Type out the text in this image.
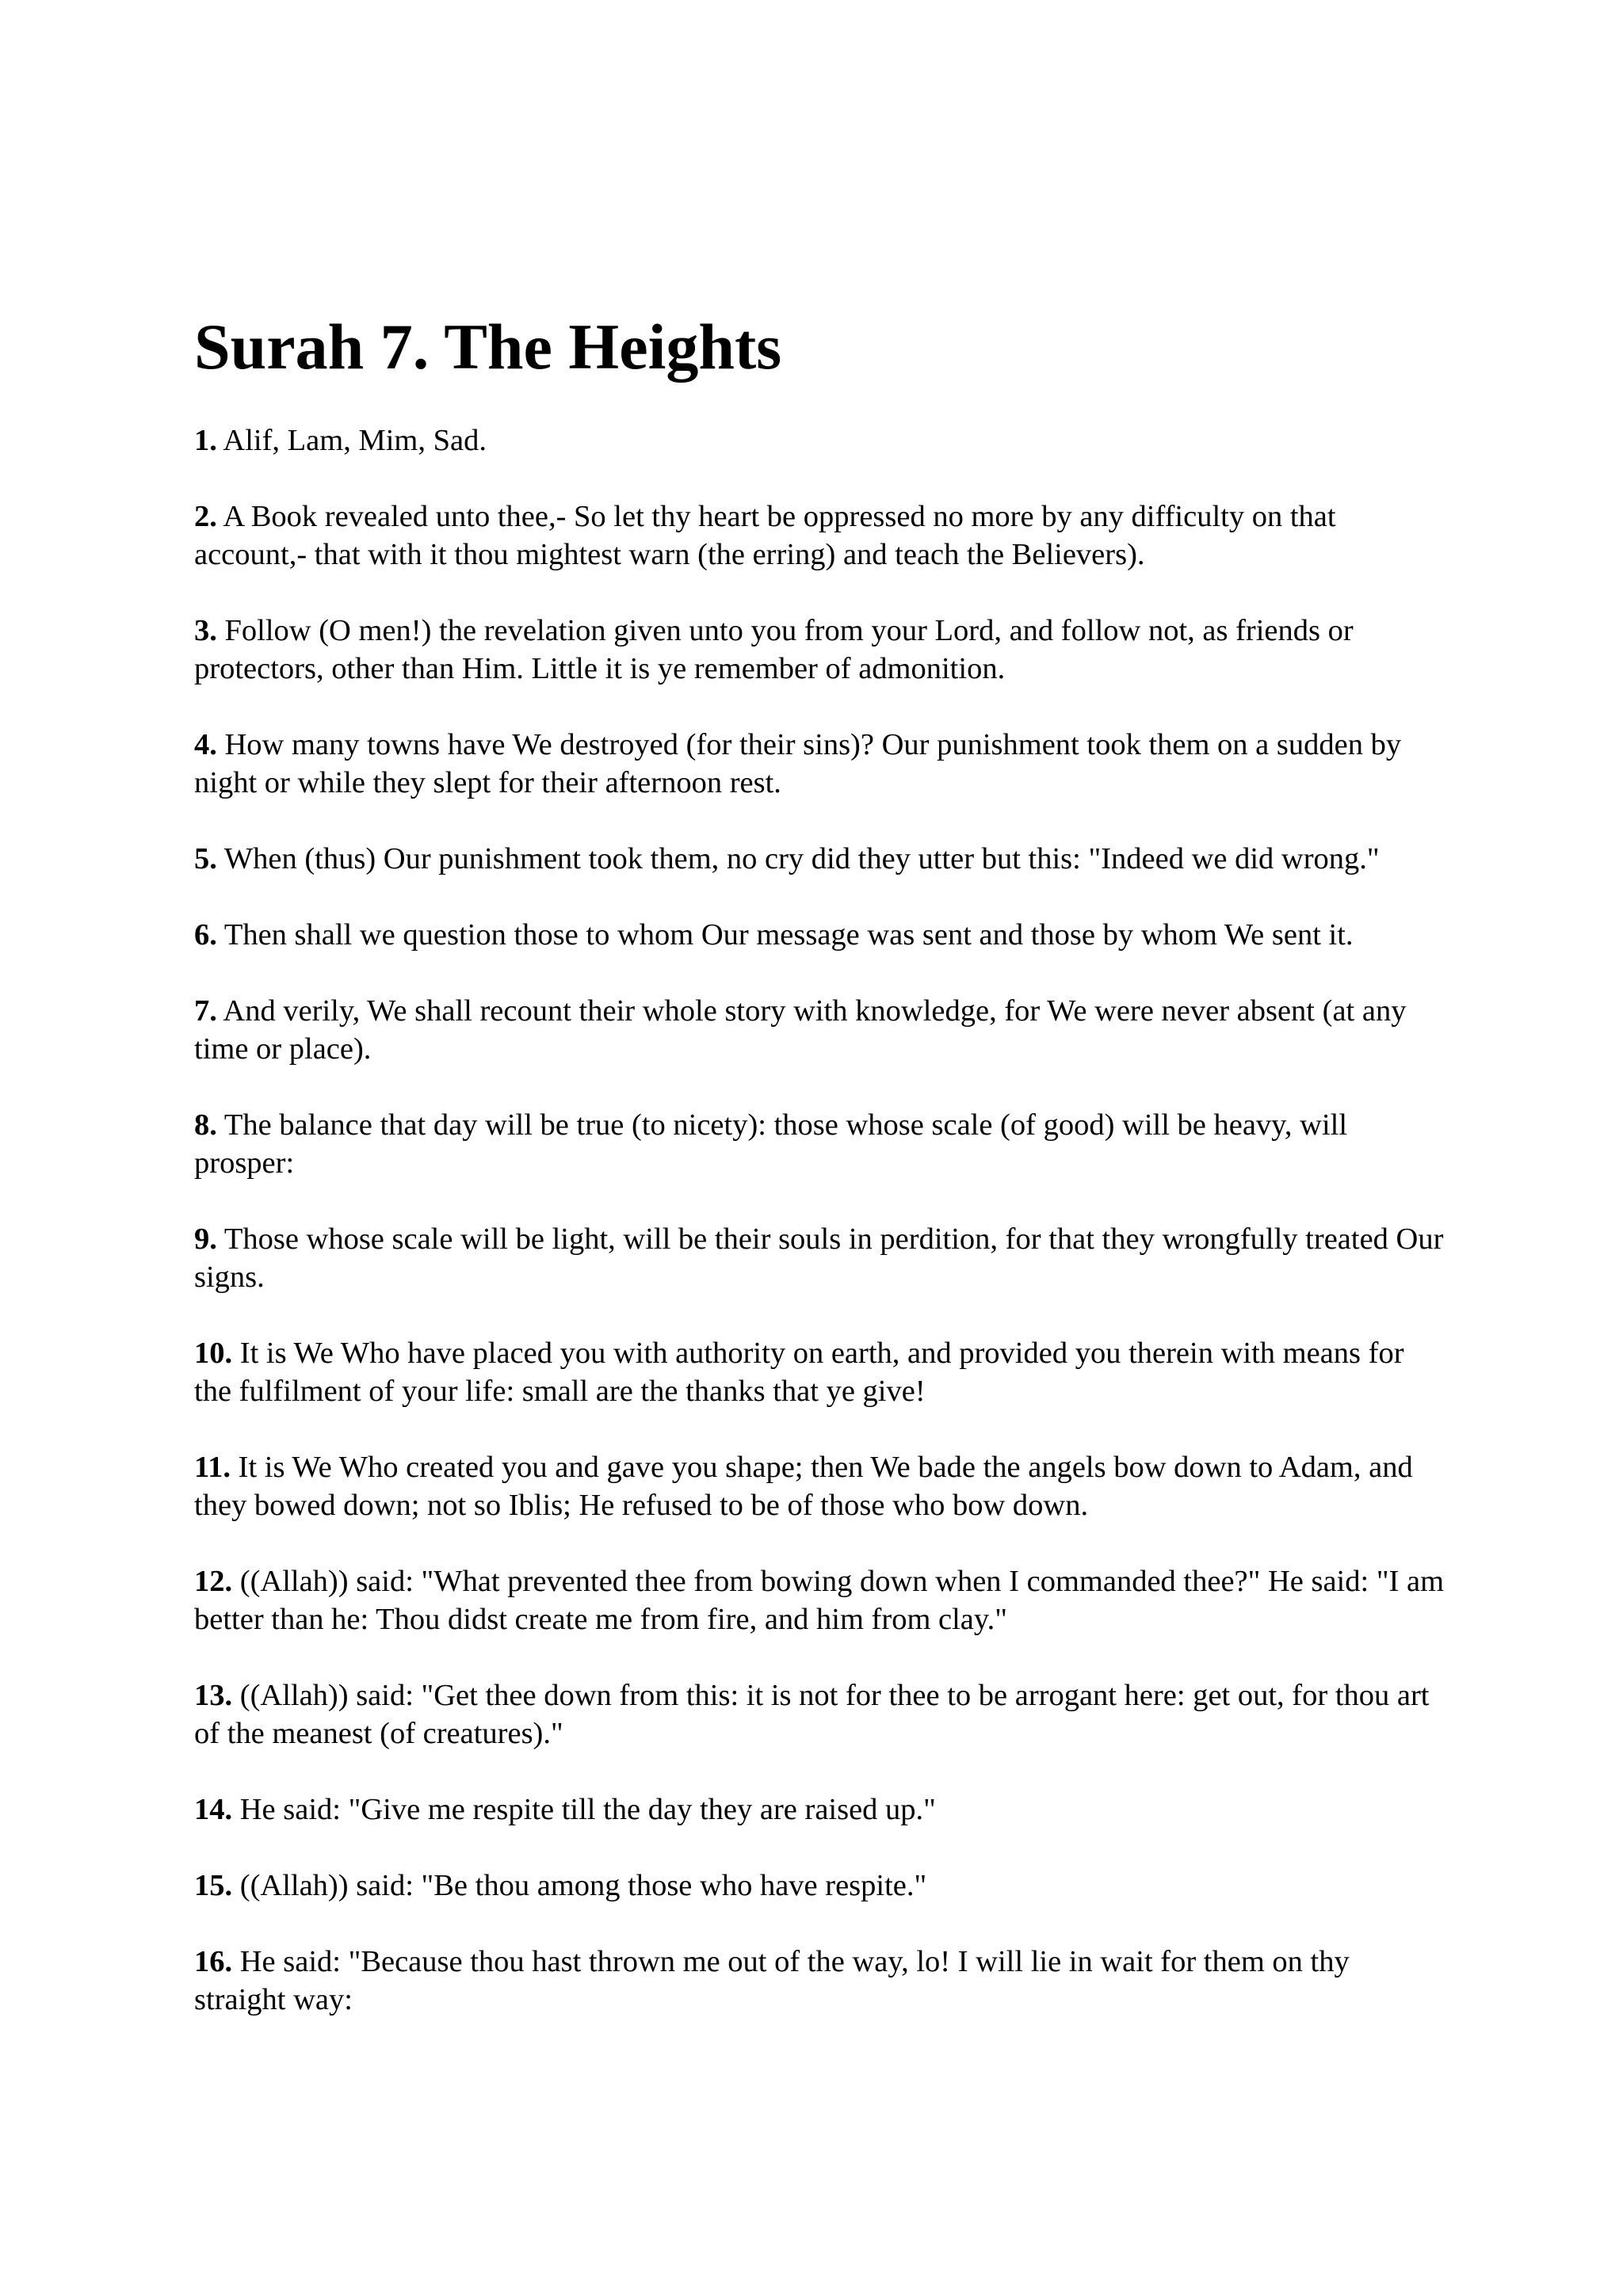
Surah 7. The Heights

1. Alif, Lam, Mim, Sad.

2. A Book revealed unto thee,- So let thy heart be oppressed no more by any difficulty on that account,- that with it thou mightest warn (the erring) and teach the Believers).

3. Follow (O men!) the revelation given unto you from your Lord, and follow not, as friends or protectors, other than Him. Little it is ye remember of admonition.

4. How many towns have We destroyed (for their sins)? Our punishment took them on a sudden by night or while they slept for their afternoon rest.

5. When (thus) Our punishment took them, no cry did they utter but this: "Indeed we did wrong."

6. Then shall we question those to whom Our message was sent and those by whom We sent it.

7. And verily, We shall recount their whole story with knowledge, for We were never absent (at any time or place).

8. The balance that day will be true (to nicety): those whose scale (of good) will be heavy, will prosper:

9. Those whose scale will be light, will be their souls in perdition, for that they wrongfully treated Our signs.

10. It is We Who have placed you with authority on earth, and provided you therein with means for the fulfilment of your life: small are the thanks that ye give!

11. It is We Who created you and gave you shape; then We bade the angels bow down to Adam, and they bowed down; not so Iblis; He refused to be of those who bow down.

12. ((Allah)) said: "What prevented thee from bowing down when I commanded thee?" He said: "I am better than he: Thou didst create me from fire, and him from clay."

13. ((Allah)) said: "Get thee down from this: it is not for thee to be arrogant here: get out, for thou art of the meanest (of creatures)."

14. He said: "Give me respite till the day they are raised up."

15. ((Allah)) said: "Be thou among those who have respite."

16. He said: "Because thou hast thrown me out of the way, lo! I will lie in wait for them on thy straight way:
